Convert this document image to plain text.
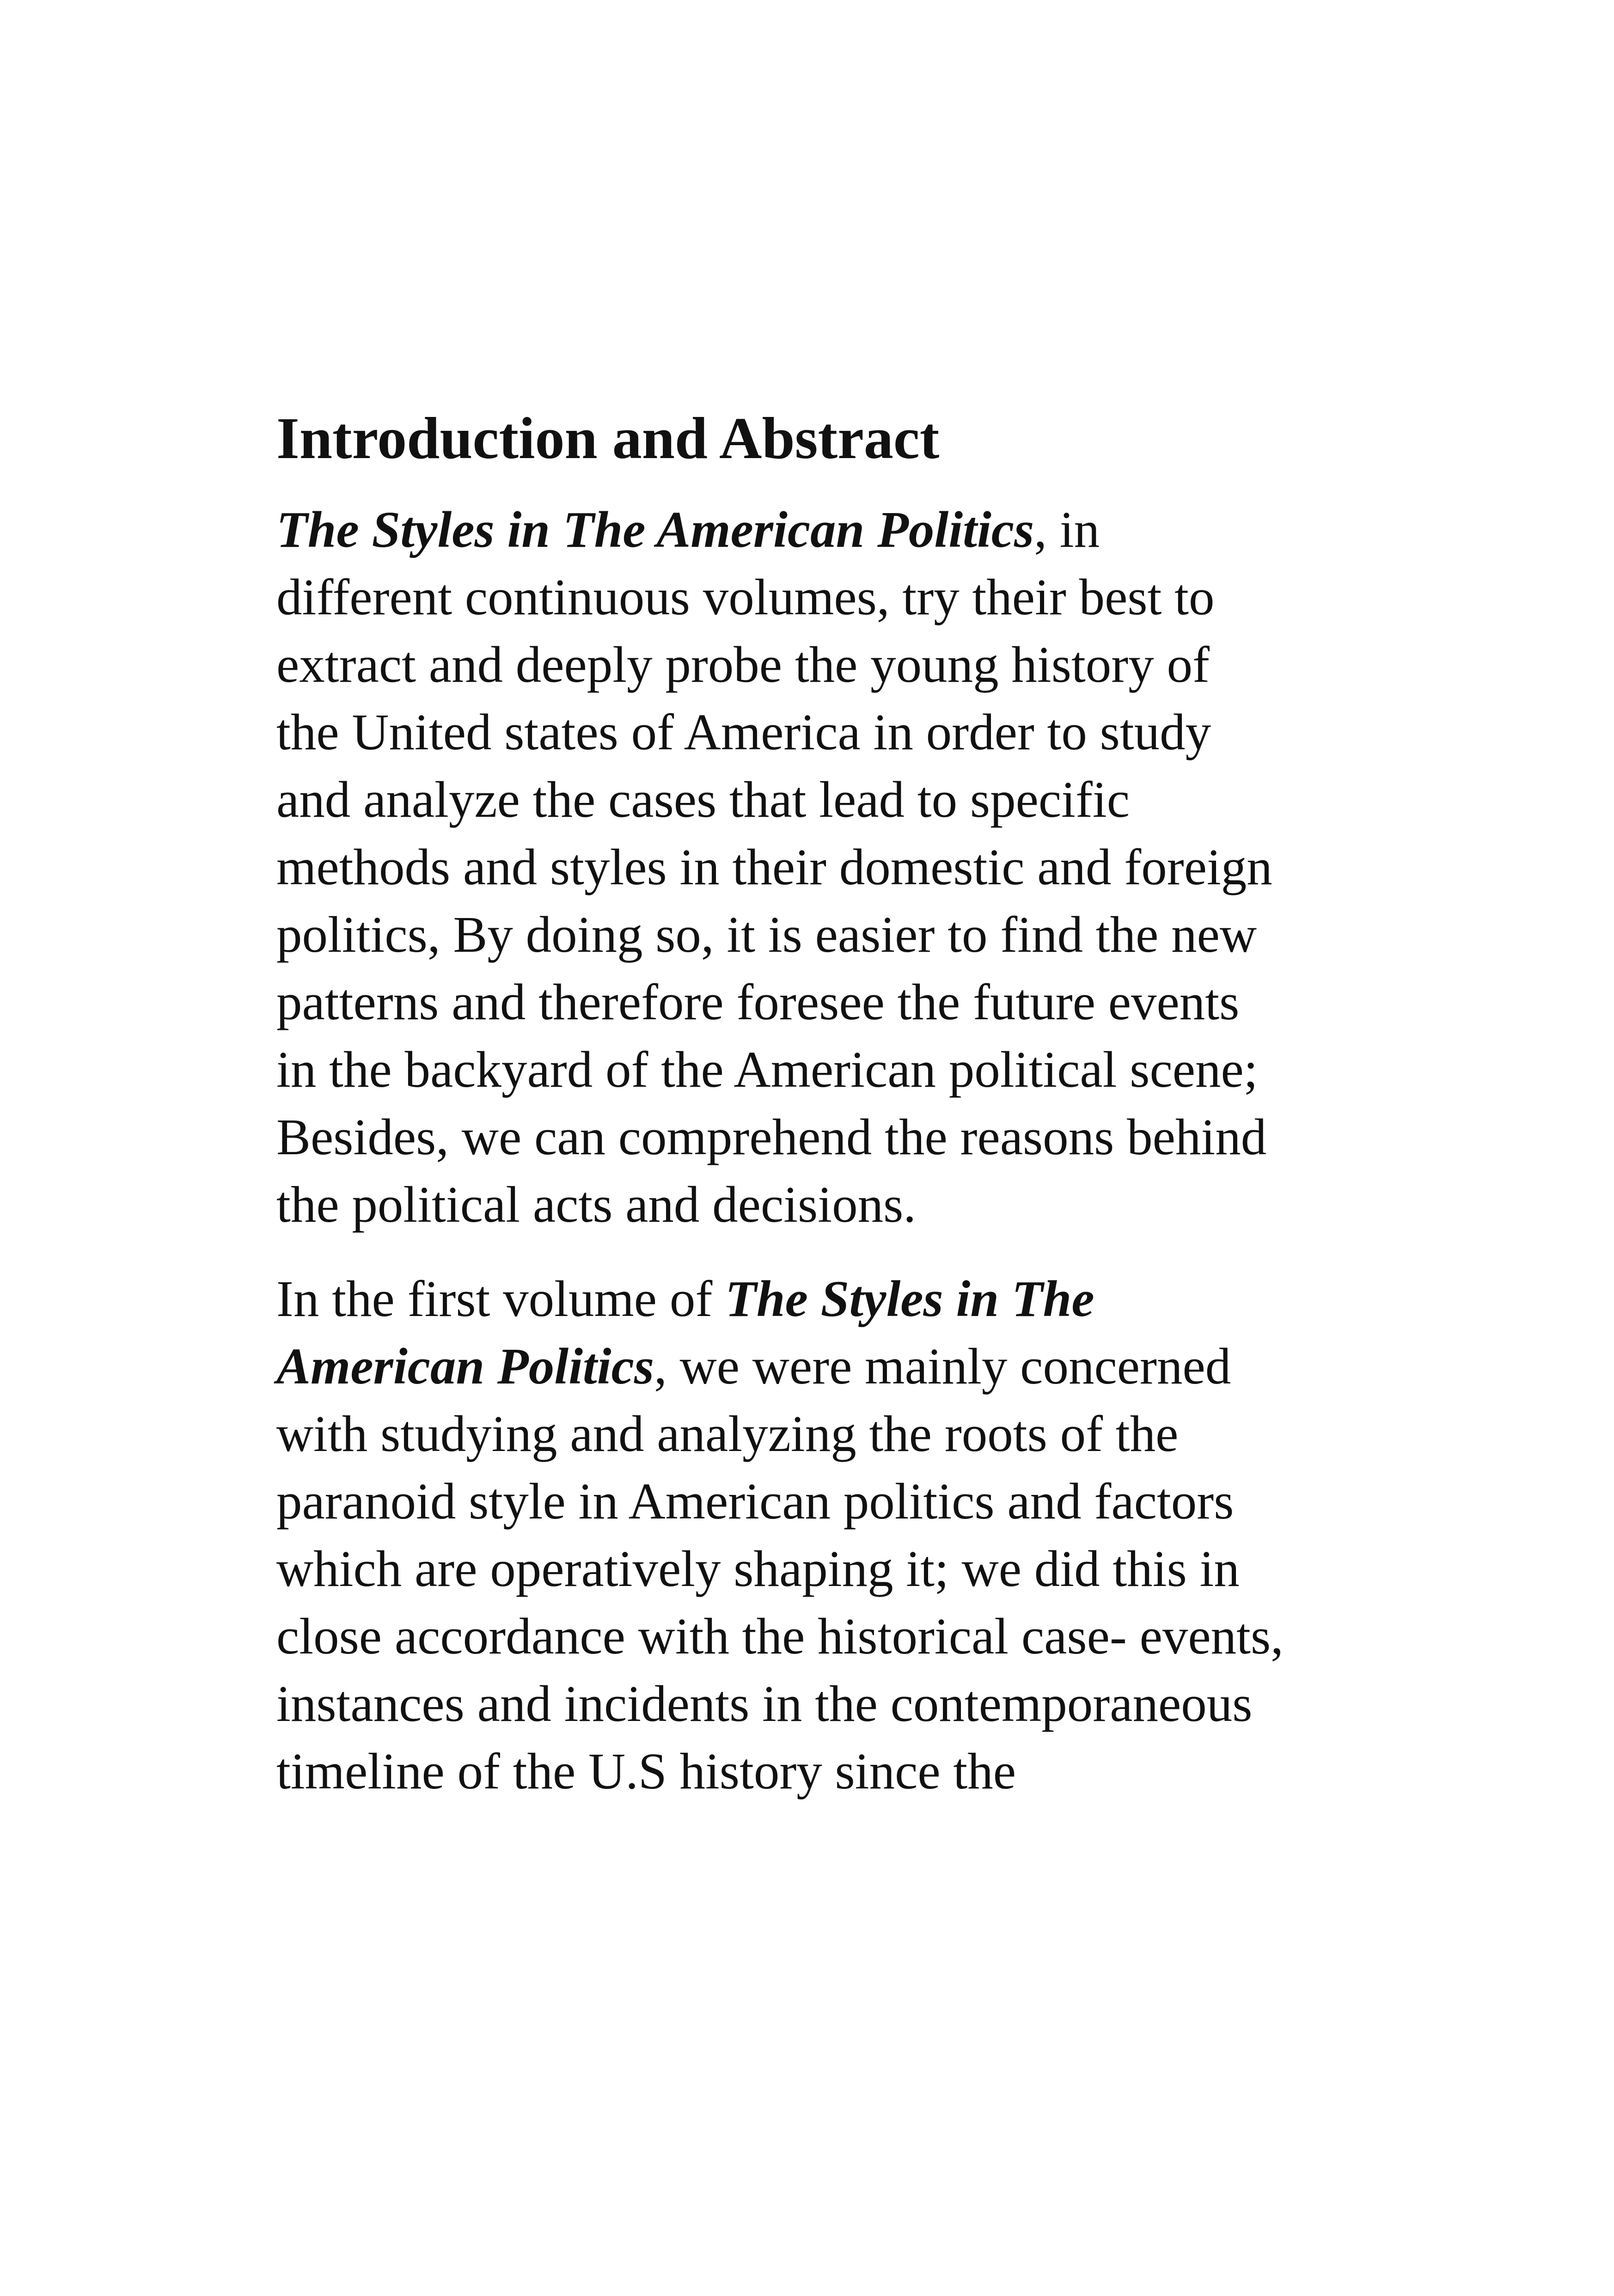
Introduction and Abstract

The Styles in The American Politics, in
different continuous volumes, try their best to
extract and deeply probe the young history of
the United states of America in order to study
and analyze the cases that lead to specific
methods and styles in their domestic and foreign
politics, By doing so, it is easier to find the new
patterns and therefore foresee the future events
in the backyard of the American political scene;
Besides, we can comprehend the reasons behind
the political acts and decisions.

In the first volume of The Styles in The
American Politics, we were mainly concerned
with studying and analyzing the roots of the
paranoid style in American politics and factors
which are operatively shaping it; we did this in
close accordance with the historical case- events,
instances and incidents in the contemporaneous
timeline of the U.S history since the
